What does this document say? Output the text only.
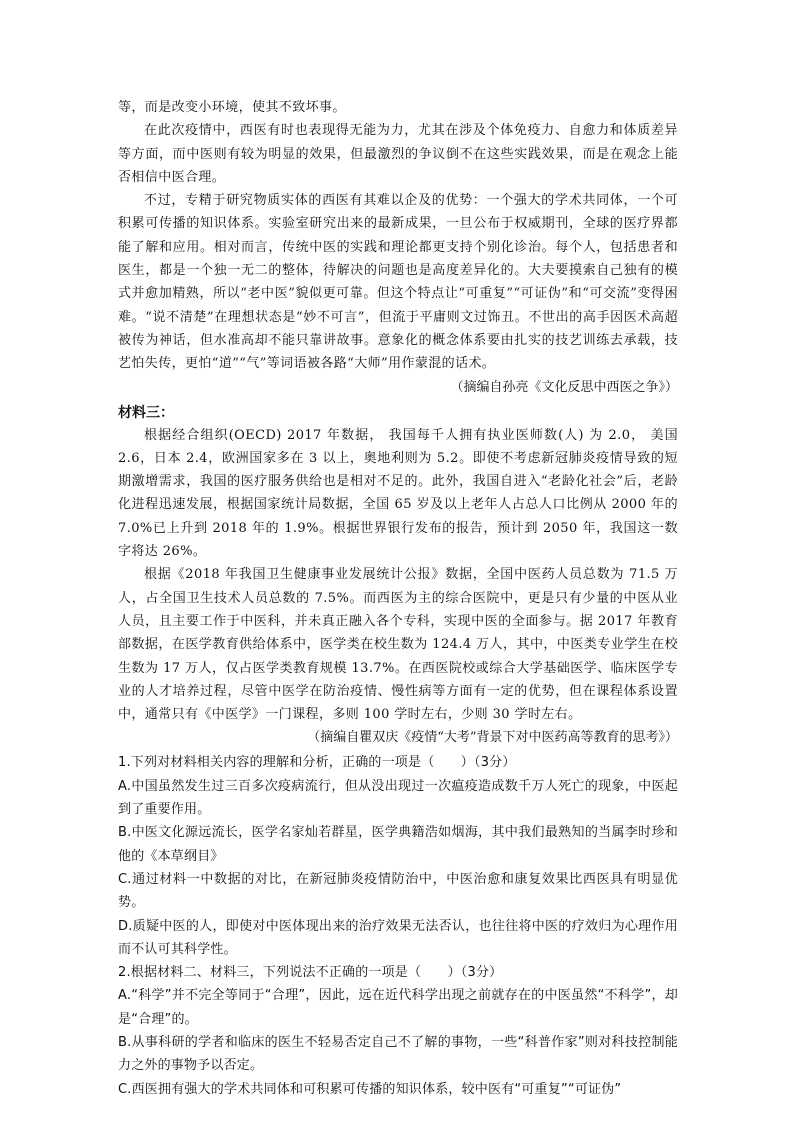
等，而是改变小环境，使其不致坏事。

在此次疫情中，西医有时也表现得无能为力，尤其在涉及个体免疫力、自愈力和体质差异等方面，而中医则有较为明显的效果，但最激烈的争议倒不在这些实践效果，而是在观念上能否相信中医合理。

不过，专精于研究物质实体的西医有其难以企及的优势：一个强大的学术共同体，一个可积累可传播的知识体系。实验室研究出来的最新成果，一旦公布于权威期刊，全球的医疗界都能了解和应用。相对而言，传统中医的实践和理论都更支持个别化诊治。每个人，包括患者和医生，都是一个独一无二的整体，待解决的问题也是高度差异化的。大夫要摸索自己独有的模式并愈加精熟，所以“老中医”貌似更可靠。但这个特点让“可重复”“可证伪”和“可交流”变得困难。“说不清楚”在理想状态是“妙不可言”，但流于平庸则文过饰丑。不世出的高手因医术高超被传为神话，但水准高却不能只靠讲故事。意象化的概念体系要由扎实的技艺训练去承载，技艺怕失传，更怕“道”“气”等词语被各路“大师”用作蒙混的话术。

（摘编自孙亮《文化反思中西医之争》）

材料三：

根据经合组织(OECD) 2017 年数据， 我国每千人拥有执业医师数(人) 为 2.0， 美国 2.6，日本 2.4，欧洲国家多在 3 以上，奥地利则为 5.2。即使不考虑新冠肺炎疫情导致的短期激增需求，我国的医疗服务供给也是相对不足的。此外，我国自进入“老龄化社会”后，老龄化进程迅速发展，根据国家统计局数据，全国 65 岁及以上老年人占总人口比例从 2000 年的 7.0%已上升到 2018 年的 1.9%。根据世界银行发布的报告，预计到 2050 年，我国这一数字将达 26%。

根据《2018 年我国卫生健康事业发展统计公报》数据，全国中医药人员总数为 71.5 万人，占全国卫生技术人员总数的 7.5%。而西医为主的综合医院中，更是只有少量的中医从业人员，且主要工作于中医科，并未真正融入各个专科，实现中医的全面参与。据 2017 年教育部数据，在医学教育供给体系中，医学类在校生数为 124.4 万人，其中，中医类专业学生在校生数为 17 万人，仅占医学类教育规模 13.7%。在西医院校或综合大学基础医学、临床医学专业的人才培养过程，尽管中医学在防治疫情、慢性病等方面有一定的优势，但在课程体系设置中，通常只有《中医学》一门课程，多则 100 学时左右，少则 30 学时左右。

（摘编自瞿双庆《疫情“大考”背景下对中医药高等教育的思考》）

1.下列对材料相关内容的理解和分析，正确的一项是（　　）（3分）

A.中国虽然发生过三百多次疫病流行，但从没出现过一次瘟疫造成数千万人死亡的现象，中医起到了重要作用。

B.中医文化源远流长，医学名家灿若群星，医学典籍浩如烟海，其中我们最熟知的当属李时珍和他的《本草纲目》

C.通过材料一中数据的对比，在新冠肺炎疫情防治中，中医治愈和康复效果比西医具有明显优势。

D.质疑中医的人，即使对中医体现出来的治疗效果无法否认，也往往将中医的疗效归为心理作用而不认可其科学性。

2.根据材料二、材料三，下列说法不正确的一项是（　　）（3分）

A.“科学”并不完全等同于“合理”，因此，远在近代科学出现之前就存在的中医虽然“不科学”，却是“合理”的。

B.从事科研的学者和临床的医生不轻易否定自己不了解的事物，一些“科普作家”则对科技控制能力之外的事物予以否定。

C.西医拥有强大的学术共同体和可积累可传播的知识体系，较中医有“可重复”“可证伪”
